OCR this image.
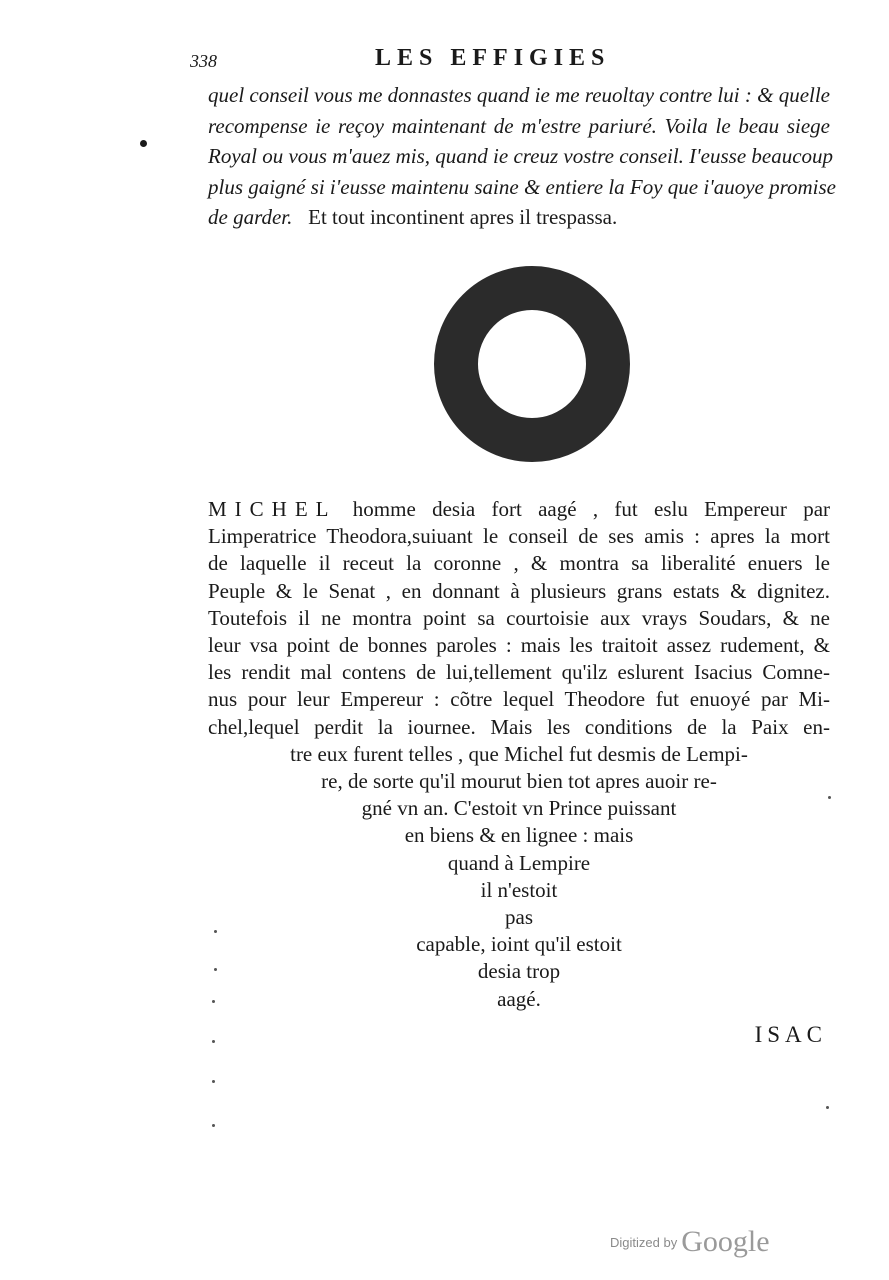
338	LES EFFIGIES
quel conseil vous me donnastes quand ie me reuoltay contre lui : & quelle
recompense ie reçoy maintenant de m'estre pariuré. Voila le beau siege
Royal ou vous m'auez mis, quand ie creuz vostre conseil. I'eusse beaucoup
plus gaigné si i'eusse maintenu saine & entiere la Foy que i'auoye promise
de garder. Et tout incontinent apres il trespassa.
MICHEL homme desia fort aagé , fut eslu Empereur par
Limperatrice Theodora,suiuant le conseil de ses amis : apres la mort
de laquelle il receut la coronne , & montra sa liberalité enuers le
Peuple & le Senat , en donnant à plusieurs grans estats & dignitez.
Toutefois il ne montra point sa courtoisie aux vrays Soudars, & ne
leur vsa point de bonnes paroles : mais les traitoit assez rudement, &
les rendit mal contens de lui,tellement qu'ilz eslurent Isacius Comne-
nus pour leur Empereur : cõtre lequel Theodore fut enuoyé par Mi-
chel,lequel perdit la iournee. Mais les conditions de la Paix en-
tre eux furent telles , que Michel fut desmis de Lempi-
re, de sorte qu'il mourut bien tot apres auoir re-
gné vn an. C'estoit vn Prince puissant
en biens & en lignee : mais
quand à Lempire
il n'estoit
pas
capable, ioint qu'il estoit
desia trop
aagé.
ISAC
$^{Digitized by}$ Google
